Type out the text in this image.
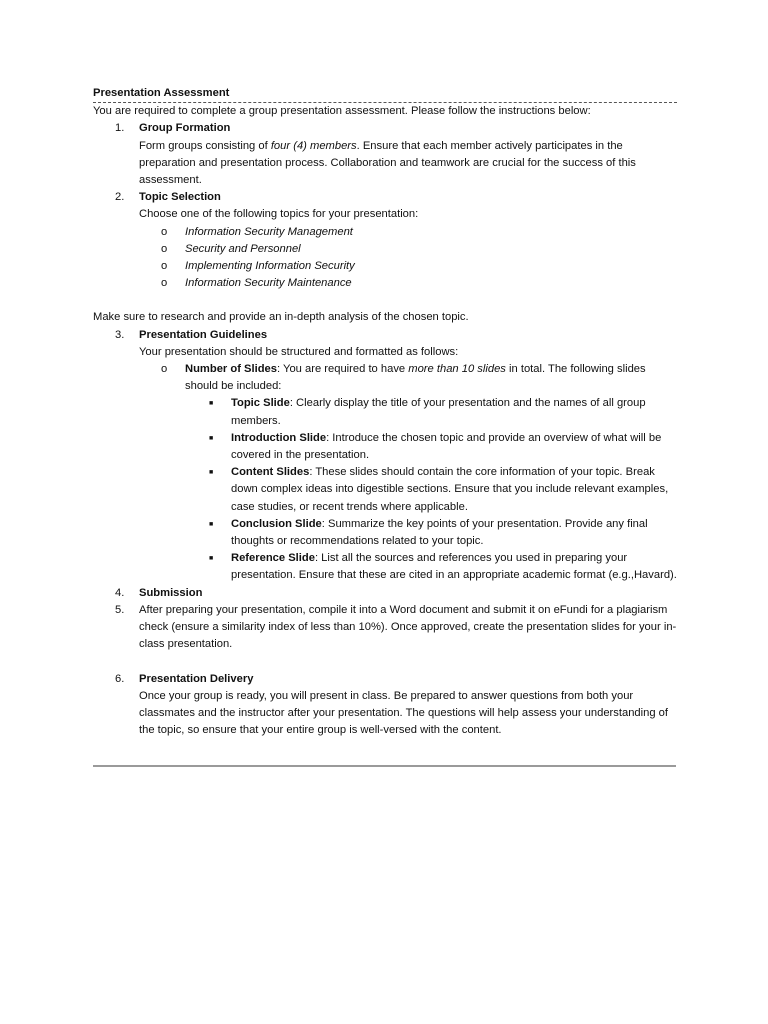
Presentation Assessment
You are required to complete a group presentation assessment. Please follow the instructions below:
1. Group Formation
Form groups consisting of four (4) members. Ensure that each member actively participates in the preparation and presentation process. Collaboration and teamwork are crucial for the success of this assessment.
2. Topic Selection
Choose one of the following topics for your presentation:
o Information Security Management
o Security and Personnel
o Implementing Information Security
o Information Security Maintenance
Make sure to research and provide an in-depth analysis of the chosen topic.
3. Presentation Guidelines
Your presentation should be structured and formatted as follows:
o Number of Slides: You are required to have more than 10 slides in total. The following slides should be included:
■ Topic Slide: Clearly display the title of your presentation and the names of all group members.
■ Introduction Slide: Introduce the chosen topic and provide an overview of what will be covered in the presentation.
■ Content Slides: These slides should contain the core information of your topic. Break down complex ideas into digestible sections. Ensure that you include relevant examples, case studies, or recent trends where applicable.
■ Conclusion Slide: Summarize the key points of your presentation. Provide any final thoughts or recommendations related to your topic.
■ Reference Slide: List all the sources and references you used in preparing your presentation. Ensure that these are cited in an appropriate academic format (e.g.,Havard).
4. Submission
5. After preparing your presentation, compile it into a Word document and submit it on eFundi for a plagiarism check (ensure a similarity index of less than 10%). Once approved, create the presentation slides for your in-class presentation.
6. Presentation Delivery
Once your group is ready, you will present in class. Be prepared to answer questions from both your classmates and the instructor after your presentation. The questions will help assess your understanding of the topic, so ensure that your entire group is well-versed with the content.
